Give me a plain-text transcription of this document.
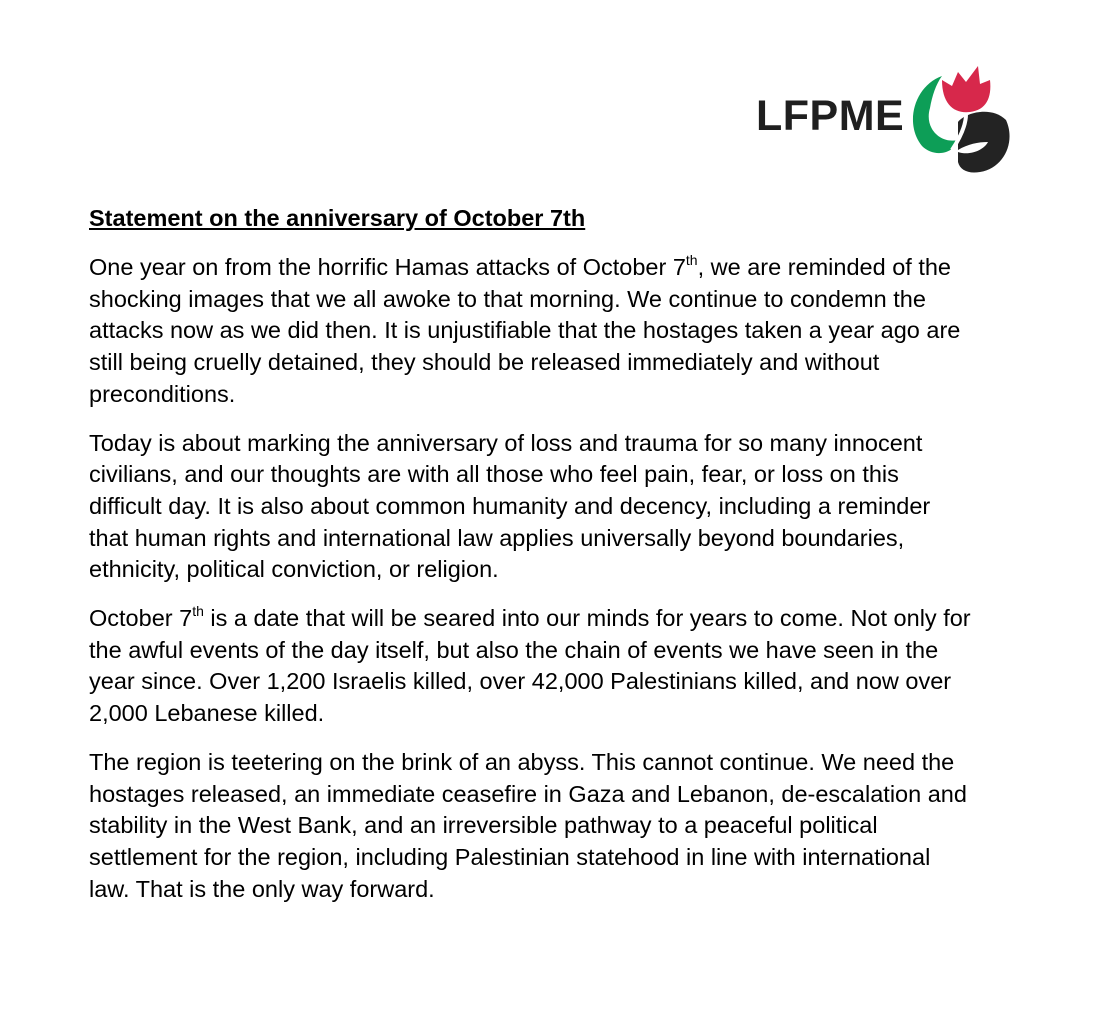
LFPME
Statement on the anniversary of October 7th

One year on from the horrific Hamas attacks of October 7th, we are reminded of the
shocking images that we all awoke to that morning. We continue to condemn the
attacks now as we did then. It is unjustifiable that the hostages taken a year ago are
still being cruelly detained, they should be released immediately and without
preconditions.

Today is about marking the anniversary of loss and trauma for so many innocent
civilians, and our thoughts are with all those who feel pain, fear, or loss on this
difficult day. It is also about common humanity and decency, including a reminder
that human rights and international law applies universally beyond boundaries,
ethnicity, political conviction, or religion.

October 7th is a date that will be seared into our minds for years to come. Not only for
the awful events of the day itself, but also the chain of events we have seen in the
year since. Over 1,200 Israelis killed, over 42,000 Palestinians killed, and now over
2,000 Lebanese killed.

The region is teetering on the brink of an abyss. This cannot continue. We need the
hostages released, an immediate ceasefire in Gaza and Lebanon, de-escalation and
stability in the West Bank, and an irreversible pathway to a peaceful political
settlement for the region, including Palestinian statehood in line with international
law. That is the only way forward.
